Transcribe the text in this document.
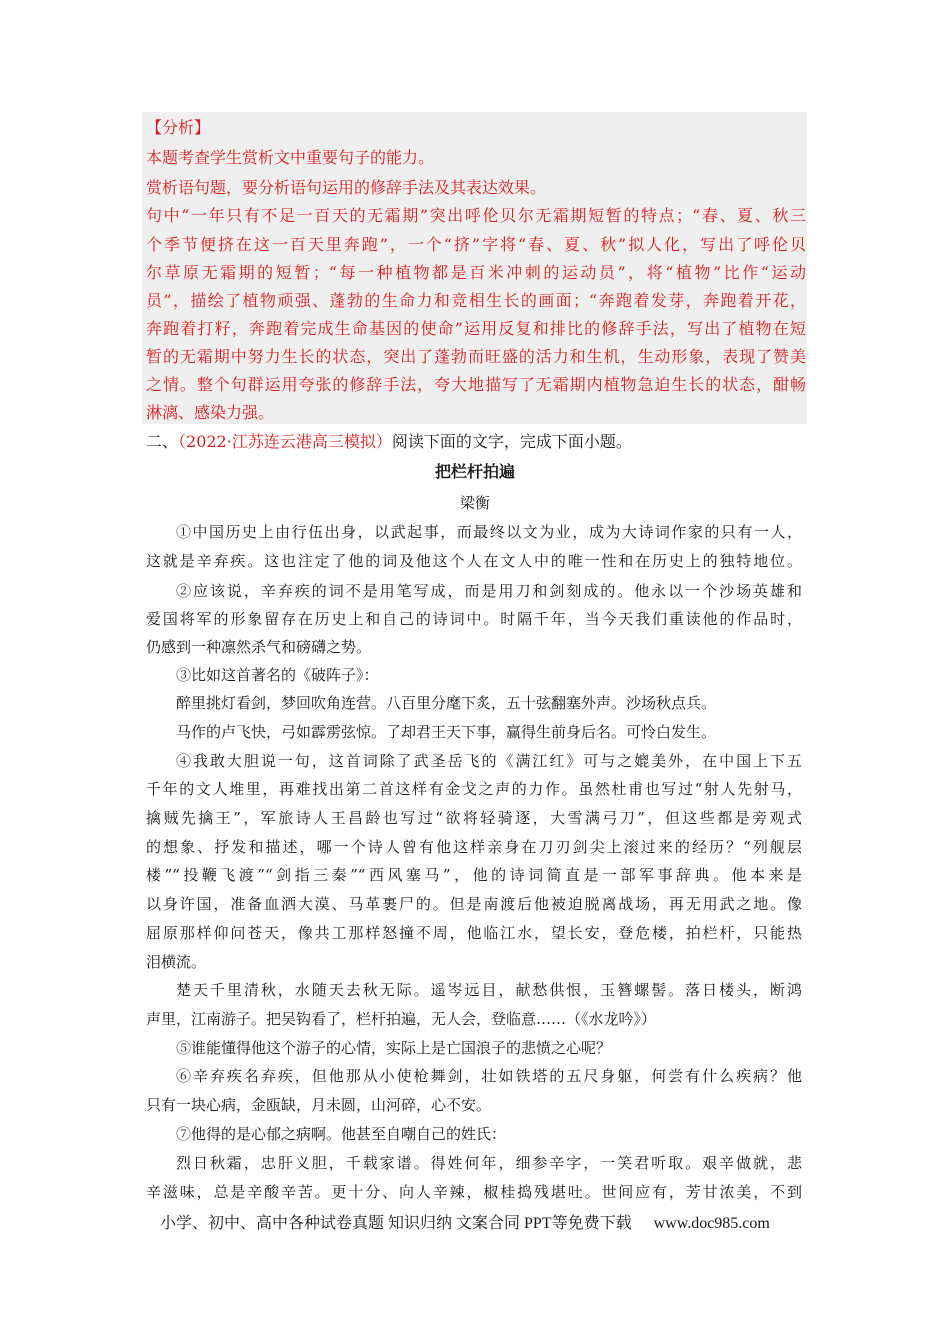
【分析】
本题考查学生赏析文中重要句子的能力。
赏析语句题，要分析语句运用的修辞手法及其表达效果。
句中“一年只有不足一百天的无霜期”突出呼伦贝尔无霜期短暂的特点；“春、夏、秋三
个季节便挤在这一百天里奔跑”，一个“挤”字将“春、夏、秋”拟人化，写出了呼伦贝
尔草原无霜期的短暂；“每一种植物都是百米冲刺的运动员”，将“植物”比作“运动
员”，描绘了植物顽强、蓬勃的生命力和竞相生长的画面；“奔跑着发芽，奔跑着开花，
奔跑着打籽，奔跑着完成生命基因的使命”运用反复和排比的修辞手法，写出了植物在短
暂的无霜期中努力生长的状态，突出了蓬勃而旺盛的活力和生机，生动形象，表现了赞美
之情。整个句群运用夸张的修辞手法，夸大地描写了无霜期内植物急迫生长的状态，酣畅
淋漓、感染力强。
二、（2022·江苏连云港高三模拟）阅读下面的文字，完成下面小题。
把栏杆拍遍
梁衡
①中国历史上由行伍出身，以武起事，而最终以文为业，成为大诗词作家的只有一人，
这就是辛弃疾。这也注定了他的词及他这个人在文人中的唯一性和在历史上的独特地位。
②应该说，辛弃疾的词不是用笔写成，而是用刀和剑刻成的。他永以一个沙场英雄和
爱国将军的形象留存在历史上和自己的诗词中。时隔千年，当今天我们重读他的作品时，
仍感到一种凛然杀气和磅礴之势。
③比如这首著名的《破阵子》：
醉里挑灯看剑，梦回吹角连营。八百里分麾下炙，五十弦翻塞外声。沙场秋点兵。
马作的卢飞快，弓如霹雳弦惊。了却君王天下事，赢得生前身后名。可怜白发生。
④我敢大胆说一句，这首词除了武圣岳飞的《满江红》可与之媲美外，在中国上下五
千年的文人堆里，再难找出第二首这样有金戈之声的力作。虽然杜甫也写过“射人先射马，
擒贼先擒王”，军旅诗人王昌龄也写过“欲将轻骑逐，大雪满弓刀”，但这些都是旁观式
的想象、抒发和描述，哪一个诗人曾有他这样亲身在刀刃剑尖上滚过来的经历？“列舰层
楼”“投鞭飞渡”“剑指三秦”“西风塞马”，他的诗词简直是一部军事辞典。他本来是
以身许国，准备血洒大漠、马革裹尸的。但是南渡后他被迫脱离战场，再无用武之地。像
屈原那样仰问苍天，像共工那样怒撞不周，他临江水，望长安，登危楼，拍栏杆，只能热
泪横流。
楚天千里清秋，水随天去秋无际。遥岑远目，献愁供恨，玉簪螺髻。落日楼头，断鸿
声里，江南游子。把吴钩看了，栏杆拍遍，无人会，登临意……（《水龙吟》）
⑤谁能懂得他这个游子的心情，实际上是亡国浪子的悲愤之心呢？
⑥辛弃疾名弃疾，但他那从小使枪舞剑，壮如铁塔的五尺身躯，何尝有什么疾病？他
只有一块心病，金瓯缺，月未圆，山河碎，心不安。
⑦他得的是心郁之病啊。他甚至自嘲自己的姓氏：
烈日秋霜，忠肝义胆，千载家谱。得姓何年，细参辛字，一笑君听取。艰辛做就，悲
辛滋味，总是辛酸辛苦。更十分、向人辛辣，椒桂捣残堪吐。世间应有，芳甘浓美，不到
小学、初中、高中各种试卷真题 知识归纳 文案合同 PPT等免费下载 www.doc985.com
